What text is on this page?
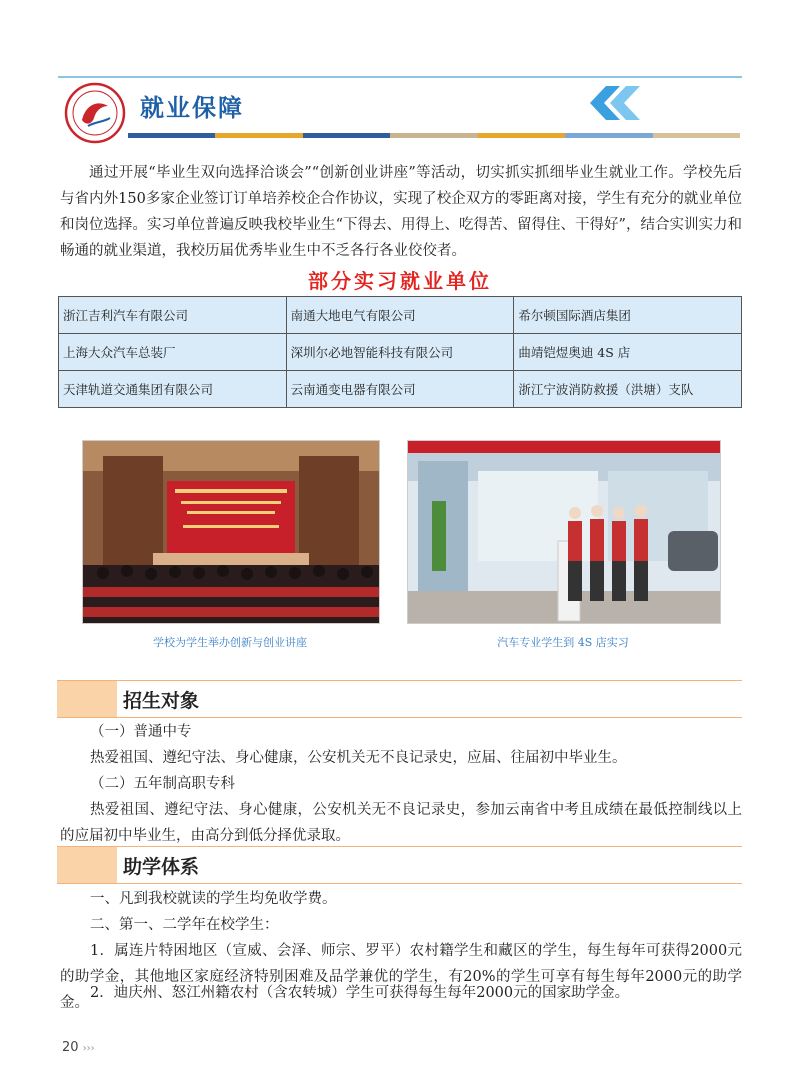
就业保障

通过开展“毕业生双向选择洽谈会”“创新创业讲座”等活动，切实抓实抓细毕业生就业工作。学校先后与省内外150多家企业签订订单培养校企合作协议，实现了校企双方的零距离对接，学生有充分的就业单位和岗位选择。实习单位普遍反映我校毕业生“下得去、用得上、吃得苦、留得住、干得好”，结合实训实力和畅通的就业渠道，我校历届优秀毕业生中不乏各行各业佼佼者。

部分实习就业单位
浙江吉利汽车有限公司	南通大地电气有限公司	希尔顿国际酒店集团
上海大众汽车总装厂	深圳尔必地智能科技有限公司	曲靖铠煜奥迪 4S 店
天津轨道交通集团有限公司	云南通变电器有限公司	浙江宁波消防救援（洪塘）支队
学校为学生举办创新与创业讲座	汽车专业学生到 4S 店实习
招生对象
（一）普通中专
热爱祖国、遵纪守法、身心健康，公安机关无不良记录史，应届、往届初中毕业生。
（二）五年制高职专科

热爱祖国、遵纪守法、身心健康，公安机关无不良记录史，参加云南省中考且成绩在最低控制线以上的应届初中毕业生，由高分到低分择优录取。

助学体系
一、凡到我校就读的学生均免收学费。
二、第一、二学年在校学生：

1．属连片特困地区（宣威、会泽、师宗、罗平）农村籍学生和藏区的学生，每生每年可获得2000元的助学金，其他地区家庭经济特别困难及品学兼优的学生，有20%的学生可享有每生每年2000元的助学金。

2．迪庆州、怒江州籍农村（含农转城）学生可获得每生每年2000元的国家助学金。

20 ›››
